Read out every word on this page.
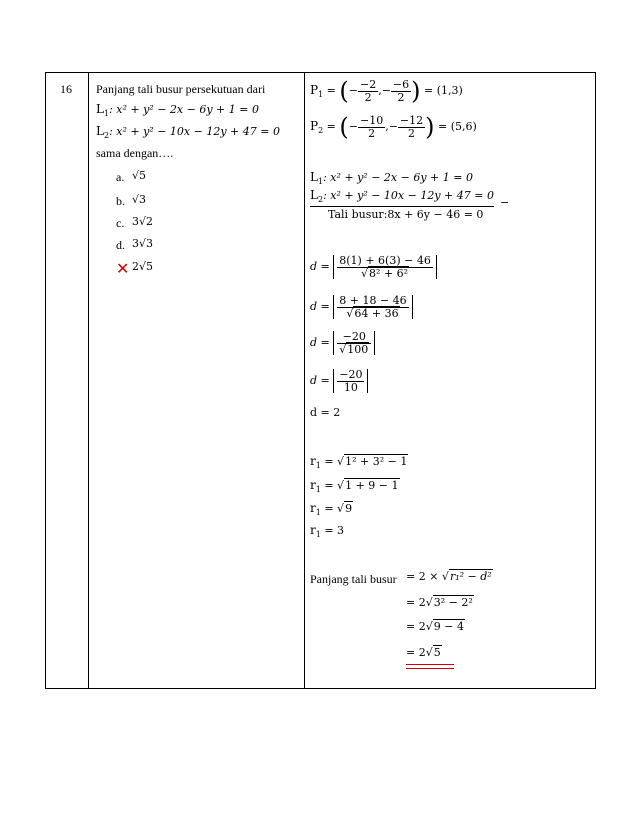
16 Panjang tali busur persekutuan dari
$L_1$: x² + y² − 2x − 6y + 1 = 0
$L_2$: x² + y² − 10x − 12y + 47 = 0
sama dengan….
a. √5
b. √3
c. 3√2
d. 3√3
✕ 2√5
$P_1$ = (− $\frac{-2}{2}$ ,− $\frac{-6}{2}$ ) = (1,3)
$P_2$ = (− $\frac{-10}{2}$ ,− $\frac{-12}{2}$ ) = (5,6)
$L_1$: x² + y² − 2x − 6y + 1 = 0
$L_2$: x² + y² − 10x − 12y + 47 = 0
−
Tali busur:8x + 6y − 46 = 0
$d = \frac{8(1) + 6(3) - 46}{\text{√8² + 6²}}$
$d = \frac{8 + 18 - 46}{√64 + 36}$
$d = \frac{-20}{√100}$
$d = \frac{-20}{10}$
d = 2
$r_1 = √1^2 + 3^2 - 1$
$r_1 = √1 + 9 - 1$
$r_1 = √9$
$r_1 = 3$
Panjang tali busur = 2 × √r₁² − d²
= 2√3² − 2²
= 2√9 − 4
= 2√5
